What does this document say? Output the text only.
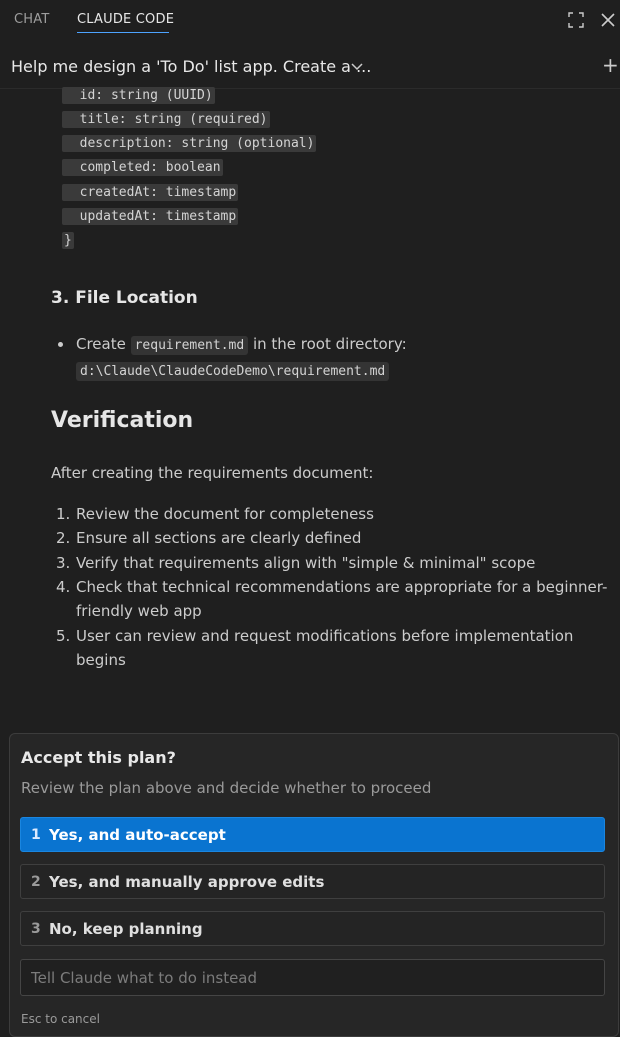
CHAT CLAUDE CODE
Help me design a 'To Do' list app. Create a ...	+
id: string (UUID)
title: string (required)
description: string (optional)
completed: boolean
createdAt: timestamp
updatedAt: timestamp
}
3. File Location
Create requirement.md in the root directory:
d:\Claude\ClaudeCodeDemo\requirement.md
Verification
After creating the requirements document:
1. Review the document for completeness
2. Ensure all sections are clearly defined
3. Verify that requirements align with "simple & minimal" scope
4. Check that technical recommendations are appropriate for a beginner-
friendly web app
5. User can review and request modifications before implementation
begins
Accept this plan?
Review the plan above and decide whether to proceed
1 Yes, and auto-accept
2 Yes, and manually approve edits
3 No, keep planning
Tell Claude what to do instead
Esc to cancel
